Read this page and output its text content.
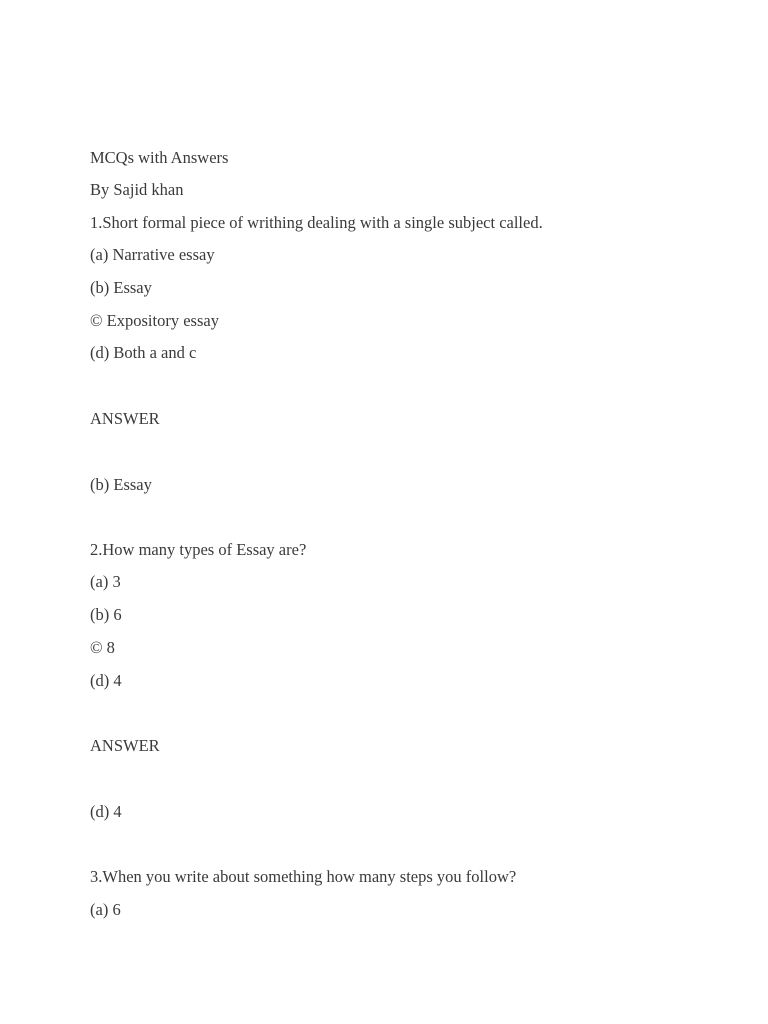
MCQs with Answers
By Sajid khan
1.Short formal piece of writhing dealing with a single subject called.
(a) Narrative essay
(b) Essay
© Expository essay
(d) Both a and c
ANSWER
(b) Essay
2.How many types of Essay are?
(a) 3
(b) 6
© 8
(d) 4
ANSWER
(d) 4
3.When you write about something how many steps you follow?
(a) 6
